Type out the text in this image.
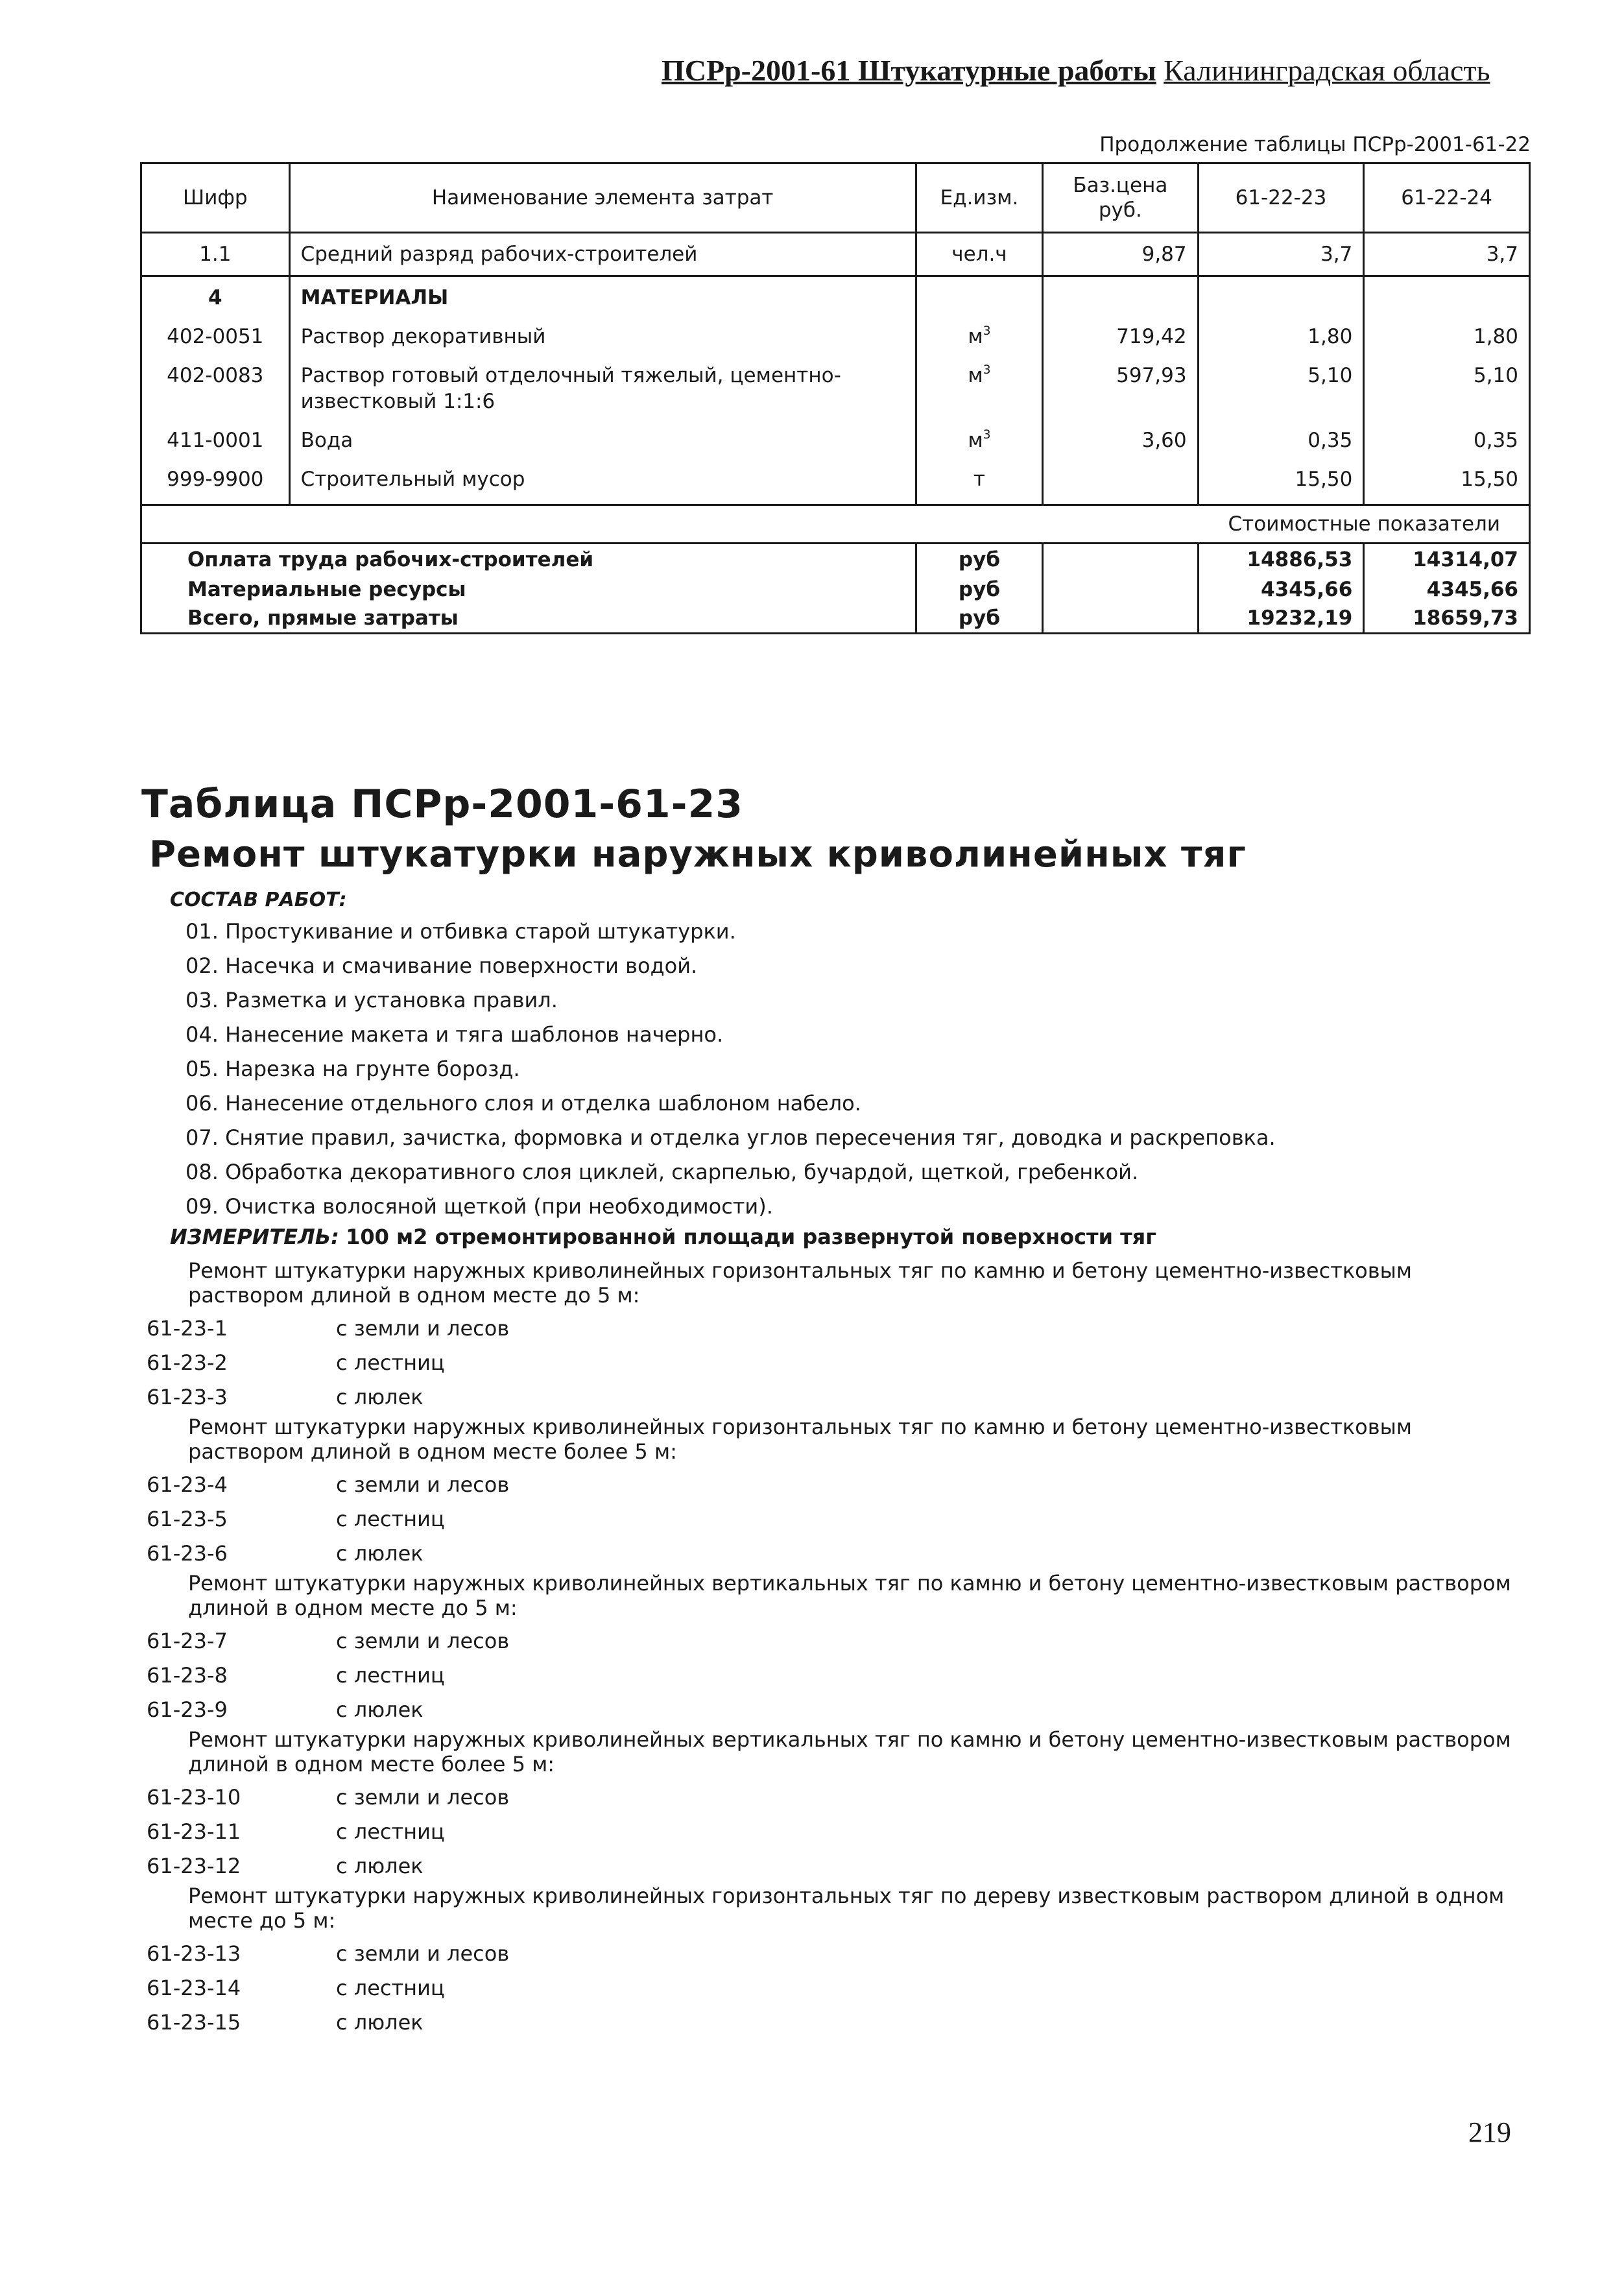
ПСРр-2001-61 Штукатурные работы Калининградская область
Продолжение таблицы ПСРр-2001-61-22
Шифр	Наименование элемента затрат	Ед.изм.	Баз.цена руб.	61-22-23	61-22-24
1.1	Средний разряд рабочих-строителей	чел.ч	9,87	3,7	3,7
4	МАТЕРИАЛЫ				
402-0051	Раствор декоративный	$м^3$	719,42	1,80	1,80
402-0083	Раствор готовый отделочный тяжелый, цементно-известковый 1:1:6	$м^3$	597,93	5,10	5,10
411-0001	Вода	$м^3$	3,60	0,35	0,35
999-9900	Строительный мусор	т		15,50	15,50
Стоимостные показатели					
Оплата труда рабочих-строителей		руб		14886,53	14314,07
Материальные ресурсы		руб		4345,66	4345,66
Всего, прямые затраты		руб		19232,19	18659,73
Таблица ПСРр-2001-61-23
Ремонт штукатурки наружных криволинейных тяг
СОСТАВ РАБОТ:
01. Простукивание и отбивка старой штукатурки.
02. Насечка и смачивание поверхности водой.
03. Разметка и установка правил.
04. Нанесение макета и тяга шаблонов начерно.
05. Нарезка на грунте борозд.
06. Нанесение отдельного слоя и отделка шаблоном набело.
07. Снятие правил, зачистка, формовка и отделка углов пересечения тяг, доводка и раскреповка.
08. Обработка декоративного слоя циклей, скарпелью, бучардой, щеткой, гребенкой.
09. Очистка волосяной щеткой (при необходимости).
ИЗМЕРИТЕЛЬ: 100 м2 отремонтированной площади развернутой поверхности тяг
Ремонт штукатурки наружных криволинейных горизонтальных тяг по камню и бетону цементно-известковым раствором длиной в одном месте до 5 м:
61-23-1	с земли и лесов
61-23-2	с лестниц
61-23-3	с люлек
Ремонт штукатурки наружных криволинейных горизонтальных тяг по камню и бетону цементно-известковым раствором длиной в одном месте более 5 м:
61-23-4	с земли и лесов
61-23-5	с лестниц
61-23-6	с люлек
Ремонт штукатурки наружных криволинейных вертикальных тяг по камню и бетону цементно-известковым раствором длиной в одном месте до 5 м:
61-23-7	с земли и лесов
61-23-8	с лестниц
61-23-9	с люлек
Ремонт штукатурки наружных криволинейных вертикальных тяг по камню и бетону цементно-известковым раствором длиной в одном месте более 5 м:
61-23-10	с земли и лесов
61-23-11	с лестниц
61-23-12	с люлек
Ремонт штукатурки наружных криволинейных горизонтальных тяг по дереву известковым раствором длиной в одном месте до 5 м:
61-23-13	с земли и лесов
61-23-14	с лестниц
61-23-15	с люлек
219
